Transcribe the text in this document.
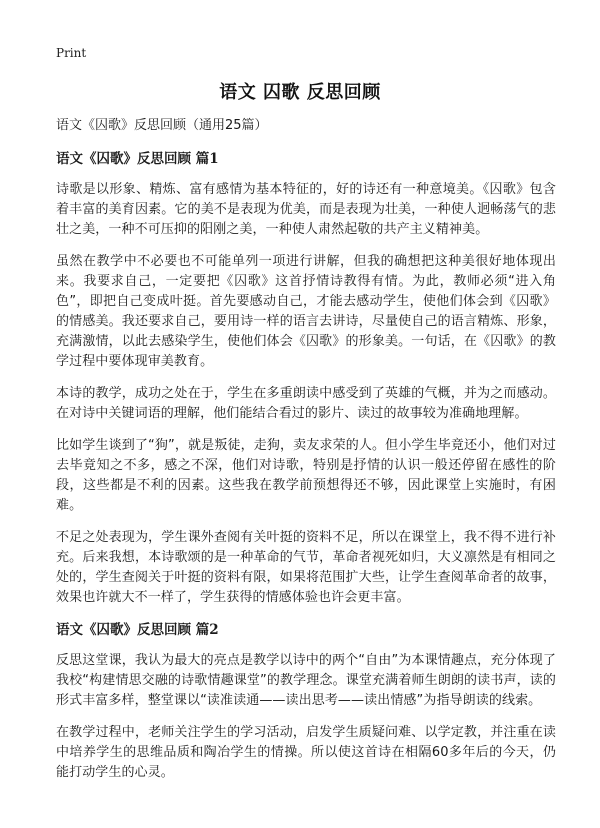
Print
语文 囚歌 反思回顾

语文《囚歌》反思回顾（通用25篇）

语文《囚歌》反思回顾 篇1

诗歌是以形象、精炼、富有感情为基本特征的，好的诗还有一种意境美。《囚歌》包含着丰富的美育因素。它的美不是表现为优美，而是表现为壮美，一种使人迥畅荡气的悲壮之美，一种不可压抑的阳刚之美，一种使人肃然起敬的共产主义精神美。

虽然在教学中不必要也不可能单列一项进行讲解，但我的确想把这种美很好地体现出来。我要求自己，一定要把《囚歌》这首抒情诗教得有情。为此，教师必须“进入角色”，即把自己变成叶挺。首先要感动自己，才能去感动学生，使他们体会到《囚歌》的情感美。我还要求自己，要用诗一样的语言去讲诗，尽量使自己的语言精炼、形象，充满激情，以此去感染学生，使他们体会《囚歌》的形象美。一句话，在《囚歌》的教学过程中要体现审美教育。

本诗的教学，成功之处在于，学生在多重朗读中感受到了英雄的气概，并为之而感动。在对诗中关键词语的理解，他们能结合看过的影片、读过的故事较为准确地理解。

比如学生谈到了“狗”，就是叛徒，走狗，卖友求荣的人。但小学生毕竟还小，他们对过去毕竟知之不多，感之不深，他们对诗歌，特别是抒情的认识一般还停留在感性的阶段，这些都是不利的因素。这些我在教学前预想得还不够，因此课堂上实施时，有困难。

不足之处表现为，学生课外查阅有关叶挺的资料不足，所以在课堂上，我不得不进行补充。后来我想，本诗歌颂的是一种革命的气节，革命者视死如归，大义凛然是有相同之处的，学生查阅关于叶挺的资料有限，如果将范围扩大些，让学生查阅革命者的故事，效果也许就大不一样了，学生获得的情感体验也许会更丰富。

语文《囚歌》反思回顾 篇2

反思这堂课，我认为最大的亮点是教学以诗中的两个“自由”为本课情趣点，充分体现了我校“构建情思交融的诗歌情趣课堂”的教学理念。课堂充满着师生朗朗的读书声，读的形式丰富多样，整堂课以“读准读通——读出思考——读出情感”为指导朗读的线索。

在教学过程中，老师关注学生的学习活动，启发学生质疑问难、以学定教，并注重在读中培养学生的思维品质和陶冶学生的情操。所以使这首诗在相隔60多年后的今天，仍能打动学生的心灵。
